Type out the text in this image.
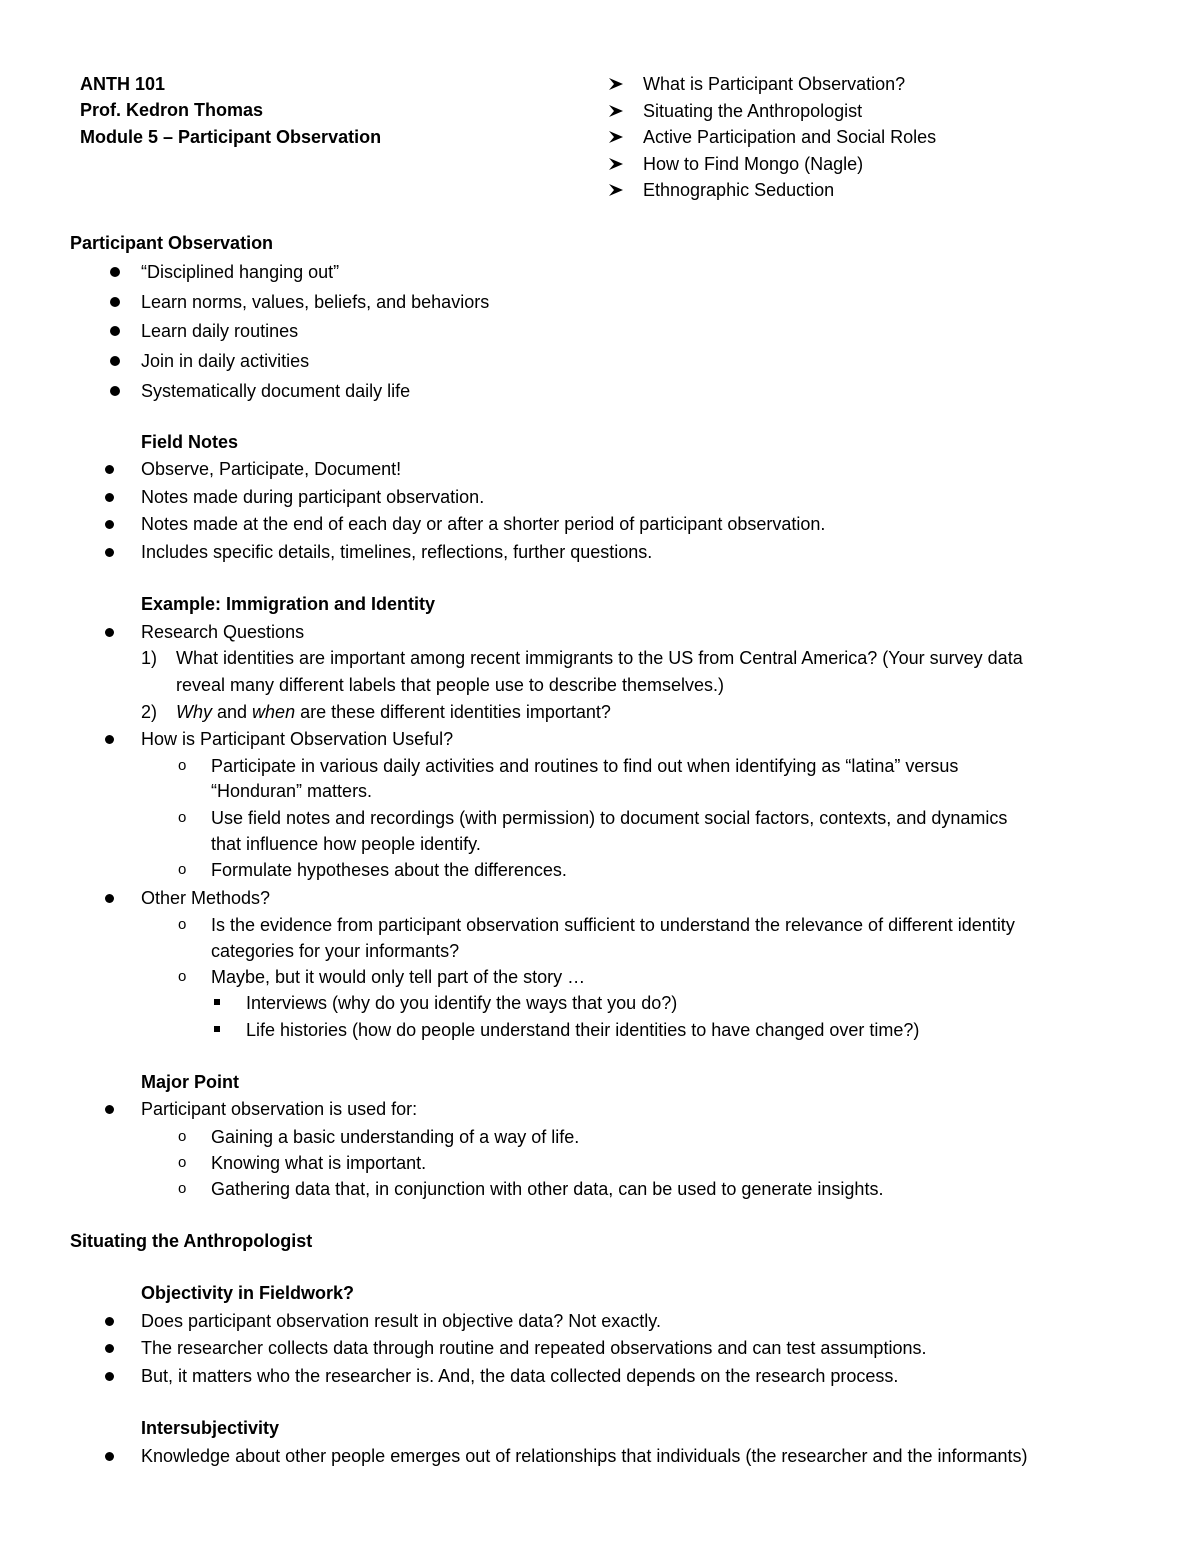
ANTH 101
Prof. Kedron Thomas
Module 5 – Participant Observation
What is Participant Observation?
Situating the Anthropologist
Active Participation and Social Roles
How to Find Mongo (Nagle)
Ethnographic Seduction
Participant Observation
“Disciplined hanging out”
Learn norms, values, beliefs, and behaviors
Learn daily routines
Join in daily activities
Systematically document daily life
Field Notes
Observe, Participate, Document!
Notes made during participant observation.
Notes made at the end of each day or after a shorter period of participant observation.
Includes specific details, timelines, reflections, further questions.
Example: Immigration and Identity
Research Questions
1) What identities are important among recent immigrants to the US from Central America? (Your survey data
reveal many different labels that people use to describe themselves.)
2) Why and when are these different identities important?
How is Participant Observation Useful?
o Participate in various daily activities and routines to find out when identifying as “latina” versus
“Honduran” matters.
o Use field notes and recordings (with permission) to document social factors, contexts, and dynamics
that influence how people identify.
o Formulate hypotheses about the differences.
Other Methods?
o Is the evidence from participant observation sufficient to understand the relevance of different identity
categories for your informants?
o Maybe, but it would only tell part of the story …
Interviews (why do you identify the ways that you do?)
Life histories (how do people understand their identities to have changed over time?)
Major Point
Participant observation is used for:
o Gaining a basic understanding of a way of life.
o Knowing what is important.
o Gathering data that, in conjunction with other data, can be used to generate insights.
Situating the Anthropologist
Objectivity in Fieldwork?
Does participant observation result in objective data? Not exactly.
The researcher collects data through routine and repeated observations and can test assumptions.
But, it matters who the researcher is. And, the data collected depends on the research process.
Intersubjectivity
Knowledge about other people emerges out of relationships that individuals (the researcher and the informants)
